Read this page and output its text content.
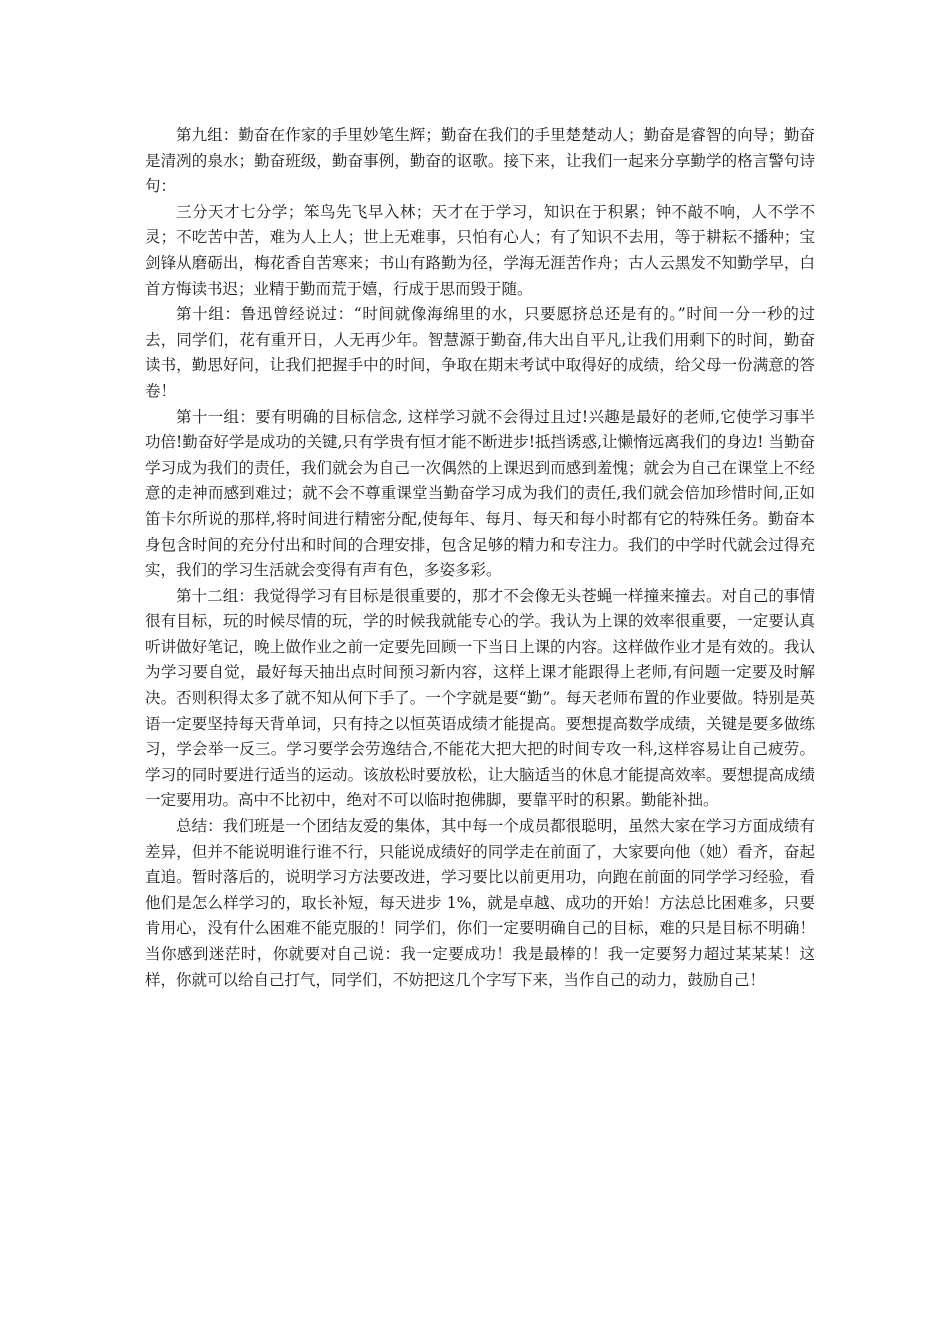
第九组：勤奋在作家的手里妙笔生辉；勤奋在我们的手里楚楚动人；勤奋是睿智的向导；勤奋是清冽的泉水；勤奋班级，勤奋事例，勤奋的讴歌。接下来，让我们一起来分享勤学的格言警句诗句：

三分天才七分学；笨鸟先飞早入林；天才在于学习，知识在于积累；钟不敲不响，人不学不灵；不吃苦中苦，难为人上人；世上无难事，只怕有心人；有了知识不去用，等于耕耘不播种；宝剑锋从磨砺出，梅花香自苦寒来；书山有路勤为径，学海无涯苦作舟；古人云黑发不知勤学早，白首方悔读书迟；业精于勤而荒于嬉，行成于思而毁于随。

第十组：鲁迅曾经说过：“时间就像海绵里的水，只要愿挤总还是有的。”时间一分一秒的过去，同学们，花有重开日，人无再少年。智慧源于勤奋,伟大出自平凡,让我们用剩下的时间，勤奋读书，勤思好问，让我们把握手中的时间，争取在期末考试中取得好的成绩，给父母一份满意的答卷！

第十一组：要有明确的目标信念, 这样学习就不会得过且过!兴趣是最好的老师,它使学习事半功倍!勤奋好学是成功的关键,只有学贵有恒才能不断进步!抵挡诱惑,让懒惰远离我们的身边! 当勤奋学习成为我们的责任，我们就会为自己一次偶然的上课迟到而感到羞愧；就会为自己在课堂上不经意的走神而感到难过；就不会不尊重课堂当勤奋学习成为我们的责任,我们就会倍加珍惜时间,正如笛卡尔所说的那样,将时间进行精密分配,使每年、每月、每天和每小时都有它的特殊任务。勤奋本身包含时间的充分付出和时间的合理安排，包含足够的精力和专注力。我们的中学时代就会过得充实，我们的学习生活就会变得有声有色，多姿多彩。

第十二组：我觉得学习有目标是很重要的，那才不会像无头苍蝇一样撞来撞去。对自己的事情很有目标，玩的时候尽情的玩，学的时候我就能专心的学。我认为上课的效率很重要，一定要认真听讲做好笔记，晚上做作业之前一定要先回顾一下当日上课的内容。这样做作业才是有效的。我认为学习要自觉，最好每天抽出点时间预习新内容，这样上课才能跟得上老师,有问题一定要及时解决。否则积得太多了就不知从何下手了。一个字就是要“勤”。每天老师布置的作业要做。特别是英语一定要坚持每天背单词，只有持之以恒英语成绩才能提高。要想提高数学成绩，关键是要多做练习，学会举一反三。学习要学会劳逸结合,不能花大把大把的时间专攻一科,这样容易让自己疲劳。学习的同时要进行适当的运动。该放松时要放松，让大脑适当的休息才能提高效率。要想提高成绩一定要用功。高中不比初中，绝对不可以临时抱佛脚，要靠平时的积累。勤能补拙。

总结：我们班是一个团结友爱的集体，其中每一个成员都很聪明，虽然大家在学习方面成绩有差异，但并不能说明谁行谁不行，只能说成绩好的同学走在前面了，大家要向他（她）看齐，奋起直追。暂时落后的，说明学习方法要改进，学习要比以前更用功，向跑在前面的同学学习经验，看他们是怎么样学习的，取长补短，每天进步 1%，就是卓越、成功的开始！方法总比困难多，只要肯用心，没有什么困难不能克服的！同学们，你们一定要明确自己的目标，难的只是目标不明确！当你感到迷茫时，你就要对自己说：我一定要成功！我是最棒的！我一定要努力超过某某某！这样，你就可以给自己打气，同学们，不妨把这几个字写下来，当作自己的动力，鼓励自己！
